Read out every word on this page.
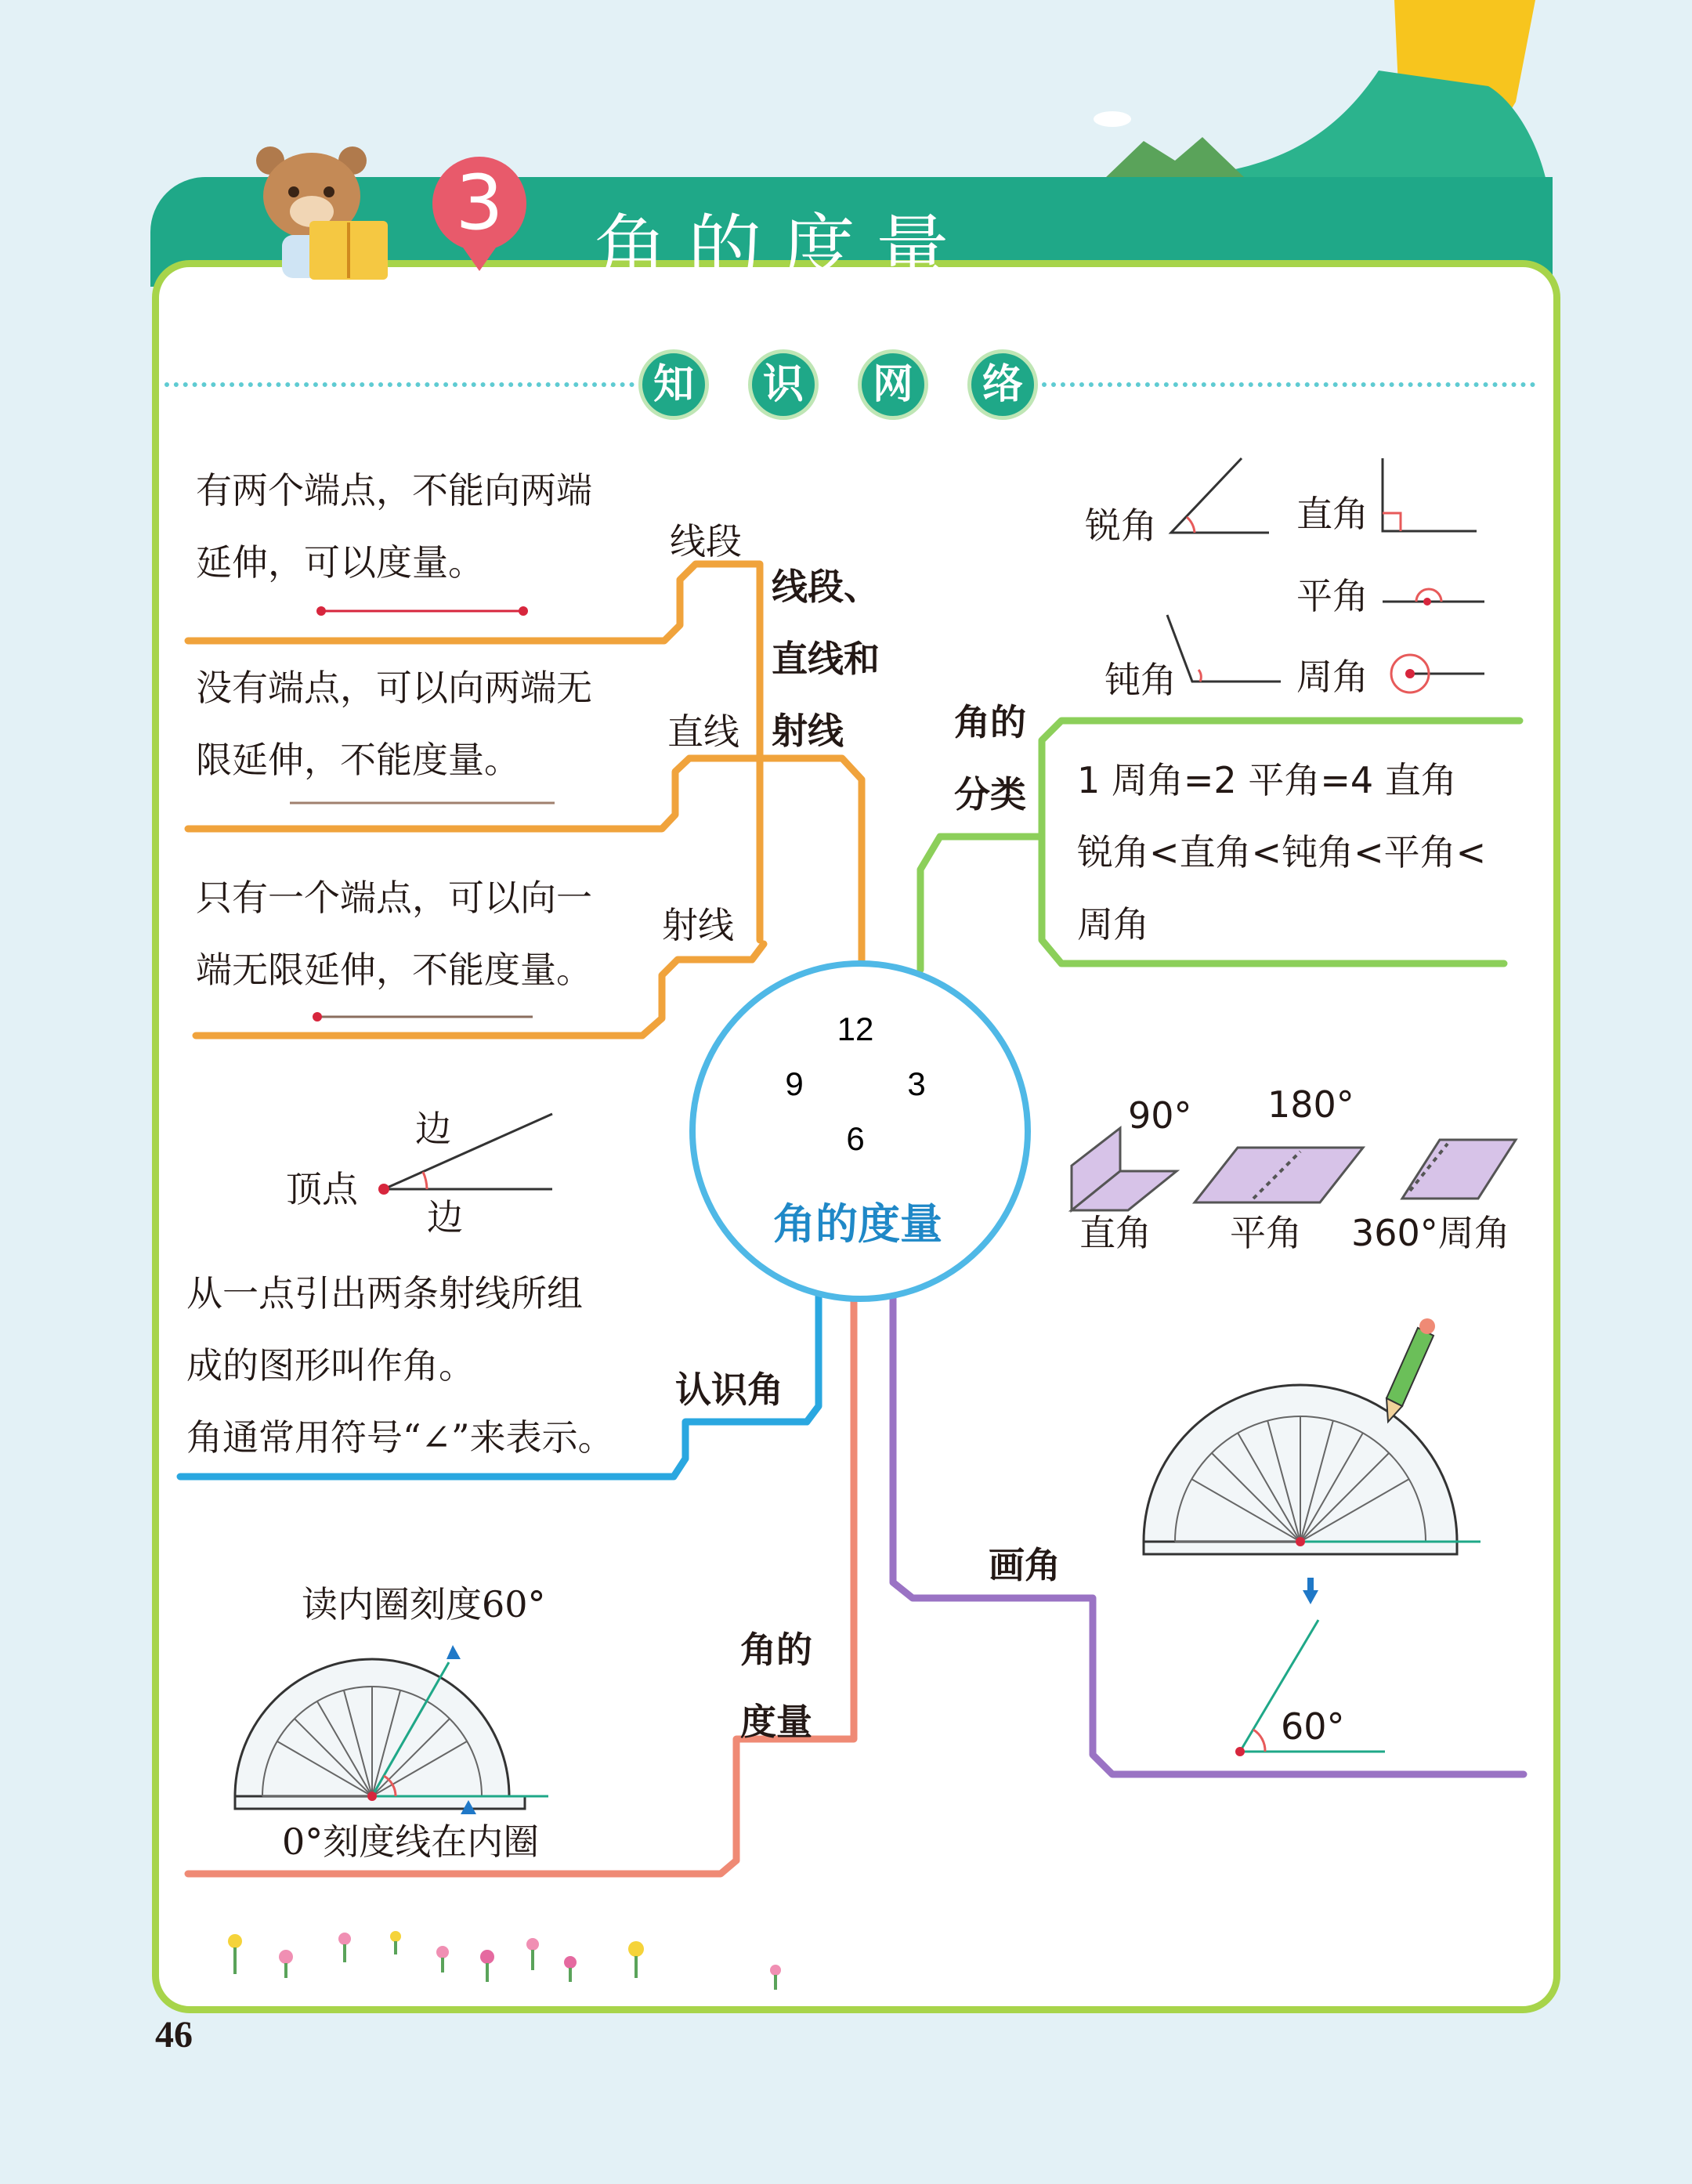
3
角的度量
知	识	网	络
12
3
6
9
角的度量
有两个端点，不能向两端
延伸，可以度量。	线段
没有端点，可以向两端无
限延伸，不能度量。
直线
只有一个端点，可以向一
端无限延伸，不能度量。
射线
线段、
直线和
射线
锐角	直角
平角
钝角	周角
角的
分类 1 周角=2 平角=4 直角
锐角<直角<钝角<平角<
周角
边
顶点
边
从一点引出两条射线所组
成的图形叫作角。
角通常用符号“∠”来表示。
认识角
90° 180°
直角 平角 360°周角
画角
60°
读内圈刻度60°
0°刻度线在内圈
角的
度量
46
